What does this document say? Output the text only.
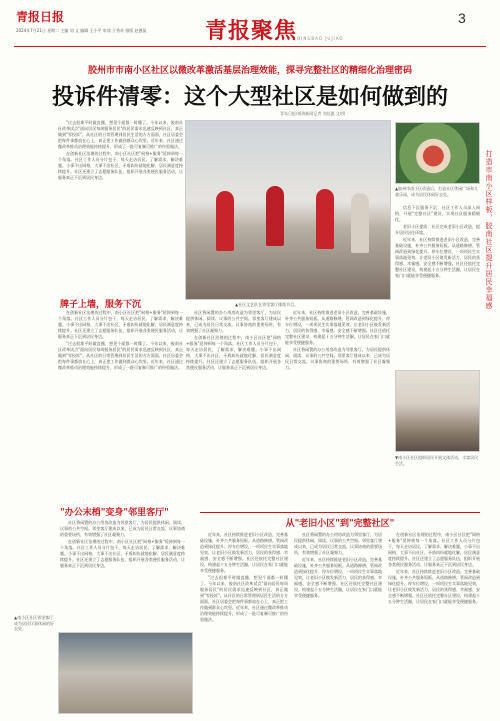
青报日报
2024年7月21日 星期二 主编 刘 文 编辑 王小平 审读 于秀奇 排版 赵德侃	青报聚焦 QINGBAO JUJIAO
3
胶州市市南小区社区以微改革激活基层治理效能，探寻完整社区的精细化治理密码
投诉件清零：这个大型社区是如何做到的
青岛日报/观海新闻记者 刘佳惠 文/图

"过去很难平时做直播，想见个面都一时懂了。今年以来，胶南社区改革试点"面向居民每周服务居民"的居民需求迅速反映到社区，真正做到"零投诉"。从社区的日常管理到居民生活的方方面面，社区居委会把每件事都放在心上，真正把工作做到群众心坎里。近年来，社区通过微改革推动治理效能持续提升，形成了一批可复制可推广的经验做法。

在创新社区治理的过程中，南小区社区把"网格+服务"延伸到每一个角落。社区工作人员分片包干，每天走访居民，了解需求，解决难题。小事不出网格，大事不出社区，矛盾纠纷就地化解，居民满意度持续提升。社区还建立了志愿服务队伍，组织开展各类便民服务活动，让服务真正下沉到居民身边。

▲社区文艺队在邻里客厅排练节目。
▲胶州市南小区改造后，打造社区休闲广场和儿童乐园，成为居民休闲好去处。

信息下沉服务下沉：社区工作人员深入网格，开展"完整社区"建设，实现社区服务精细化。

老旧小区提质：社区完成老旧小区改造，提升居民居住环境。

近年来，社区持续推进老旧小区改造，完善基础设施，补齐公共服务短板。从道路修缮、管网改造到绿化提升、停车位增设，一项项民生实事落地见效，让老旧小区焕发新活力，居民的获得感、幸福感、安全感不断增强。社区还依托完整社区建设，构建起十五分钟生活圈，让居民在家门口就能享受便捷服务。	打造市南小区样板，胶南社区提升居民幸福感
▼南小区社区组织居民开展文体活动，丰富居民生活。
牌子上墙，服务下沉

在创新社区治理的过程中，南小区社区把"网格+服务"延伸到每一个角落。社区工作人员分片包干，每天走访居民，了解需求，解决难题。小事不出网格，大事不出社区，矛盾纠纷就地化解，居民满意度持续提升。社区还建立了志愿服务队伍，组织开展各类便民服务活动，让服务真正下沉到居民身边。

"过去很难平时做直播，想见个面都一时懂了。今年以来，胶南社区改革试点"面向居民每周服务居民"的居民需求迅速反映到社区，真正做到"零投诉"。从社区的日常管理到居民生活的方方面面，社区居委会把每件事都放在心上，真正把工作做到群众心坎里。近年来，社区通过微改革推动治理效能持续提升，形成了一批可复制可推广的经验做法。

社区将闲置的办公用房改造为邻里客厅，为居民提供休闲、阅读、议事的公共空间。邻里客厅建成以来，已成为居民日常交流、议事协商的重要场所，有效增强了社区凝聚力。

在创新社区治理的过程中，南小区社区把"网格+服务"延伸到每一个角落。社区工作人员分片包干，每天走访居民，了解需求，解决难题。小事不出网格，大事不出社区，矛盾纠纷就地化解，居民满意度持续提升。社区还建立了志愿服务队伍，组织开展各类便民服务活动，让服务真正下沉到居民身边。

近年来，社区持续推进老旧小区改造，完善基础设施，补齐公共服务短板。从道路修缮、管网改造到绿化提升、停车位增设，一项项民生实事落地见效，让老旧小区焕发新活力，居民的获得感、幸福感、安全感不断增强。社区还依托完整社区建设，构建起十五分钟生活圈，让居民在家门口就能享受便捷服务。

社区将闲置的办公用房改造为邻里客厅，为居民提供休闲、阅读、议事的公共空间。邻里客厅建成以来，已成为居民日常交流、议事协商的重要场所，有效增强了社区凝聚力。

"办公末梢"变身"邻里客厅"

社区将闲置的办公用房改造为邻里客厅，为居民提供休闲、阅读、议事的公共空间。邻里客厅建成以来，已成为居民日常交流、议事协商的重要场所，有效增强了社区凝聚力。

在创新社区治理的过程中，南小区社区把"网格+服务"延伸到每一个角落。社区工作人员分片包干，每天走访居民，了解需求，解决难题。小事不出网格，大事不出社区，矛盾纠纷就地化解，居民满意度持续提升。社区还建立了志愿服务队伍，组织开展各类便民服务活动，让服务真正下沉到居民身边。

▲南小区社区邻里客厅成为居民议事休闲的好去处。
从"老旧小区"到"完整社区"

近年来，社区持续推进老旧小区改造，完善基础设施，补齐公共服务短板。从道路修缮、管网改造到绿化提升、停车位增设，一项项民生实事落地见效，让老旧小区焕发新活力，居民的获得感、幸福感、安全感不断增强。社区还依托完整社区建设，构建起十五分钟生活圈，让居民在家门口就能享受便捷服务。

"过去很难平时做直播，想见个面都一时懂了。今年以来，胶南社区改革试点"面向居民每周服务居民"的居民需求迅速反映到社区，真正做到"零投诉"。从社区的日常管理到居民生活的方方面面，社区居委会把每件事都放在心上，真正把工作做到群众心坎里。近年来，社区通过微改革推动治理效能持续提升，形成了一批可复制可推广的经验做法。

社区将闲置的办公用房改造为邻里客厅，为居民提供休闲、阅读、议事的公共空间。邻里客厅建成以来，已成为居民日常交流、议事协商的重要场所，有效增强了社区凝聚力。

近年来，社区持续推进老旧小区改造，完善基础设施，补齐公共服务短板。从道路修缮、管网改造到绿化提升、停车位增设，一项项民生实事落地见效，让老旧小区焕发新活力，居民的获得感、幸福感、安全感不断增强。社区还依托完整社区建设，构建起十五分钟生活圈，让居民在家门口就能享受便捷服务。

在创新社区治理的过程中，南小区社区把"网格+服务"延伸到每一个角落。社区工作人员分片包干，每天走访居民，了解需求，解决难题。小事不出网格，大事不出社区，矛盾纠纷就地化解，居民满意度持续提升。社区还建立了志愿服务队伍，组织开展各类便民服务活动，让服务真正下沉到居民身边。

近年来，社区持续推进老旧小区改造，完善基础设施，补齐公共服务短板。从道路修缮、管网改造到绿化提升、停车位增设，一项项民生实事落地见效，让老旧小区焕发新活力，居民的获得感、幸福感、安全感不断增强。社区还依托完整社区建设，构建起十五分钟生活圈，让居民在家门口就能享受便捷服务。
